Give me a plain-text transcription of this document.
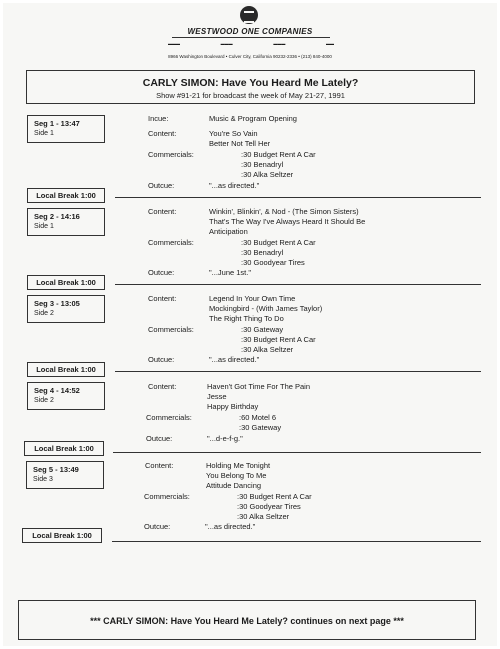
WESTWOOD ONE COMPANIES
▬▬▬	▬▬▬	▬▬▬	▬▬
8966 Washington Boulevard • Culver City, California 90232-2336 • (213) 840-4000
CARLY SIMON: Have You Heard Me Lately?
Show #91-21 for broadcast the week of May 21-27, 1991
Seg 1 - 13:47
Side 1
Incue:	Music & Program Opening
Content:	You're So Vain
Better Not Tell Her
Commercials:	:30 Budget Rent A Car
:30 Benadryl
:30 Alka Seltzer
Outcue:	"...as directed."
Local Break 1:00
Seg 2 - 14:16
Side 1
Content:	Winkin', Blinkin', & Nod - (The Simon Sisters)
That's The Way I've Always Heard It Should Be
Anticipation
Commercials:	:30 Budget Rent A Car
:30 Benadryl
:30 Goodyear Tires
Outcue:	"...June 1st."
Local Break 1:00
Seg 3 - 13:05
Side 2
Content:	Legend In Your Own Time
Mockingbird - (With James Taylor)
The Right Thing To Do
Commercials:	:30 Gateway
:30 Budget Rent A Car
:30 Alka Seltzer
Outcue:	"...as directed."
Local Break 1:00
Seg 4 - 14:52
Side 2
Content:	Haven't Got Time For The Pain
Jesse
Happy Birthday
Commercials:	:60 Motel 6
:30 Gateway
Outcue:	"...d-e-f-g."
Local Break 1:00
Seg 5 - 13:49
Side 3
Content:	Holding Me Tonight
You Belong To Me
Attitude Dancing
Commercials:	:30 Budget Rent A Car
:30 Goodyear Tires
:30 Alka Seltzer
Outcue:	"...as directed."
Local Break 1:00
*** CARLY SIMON: Have You Heard Me Lately? continues on next page ***
